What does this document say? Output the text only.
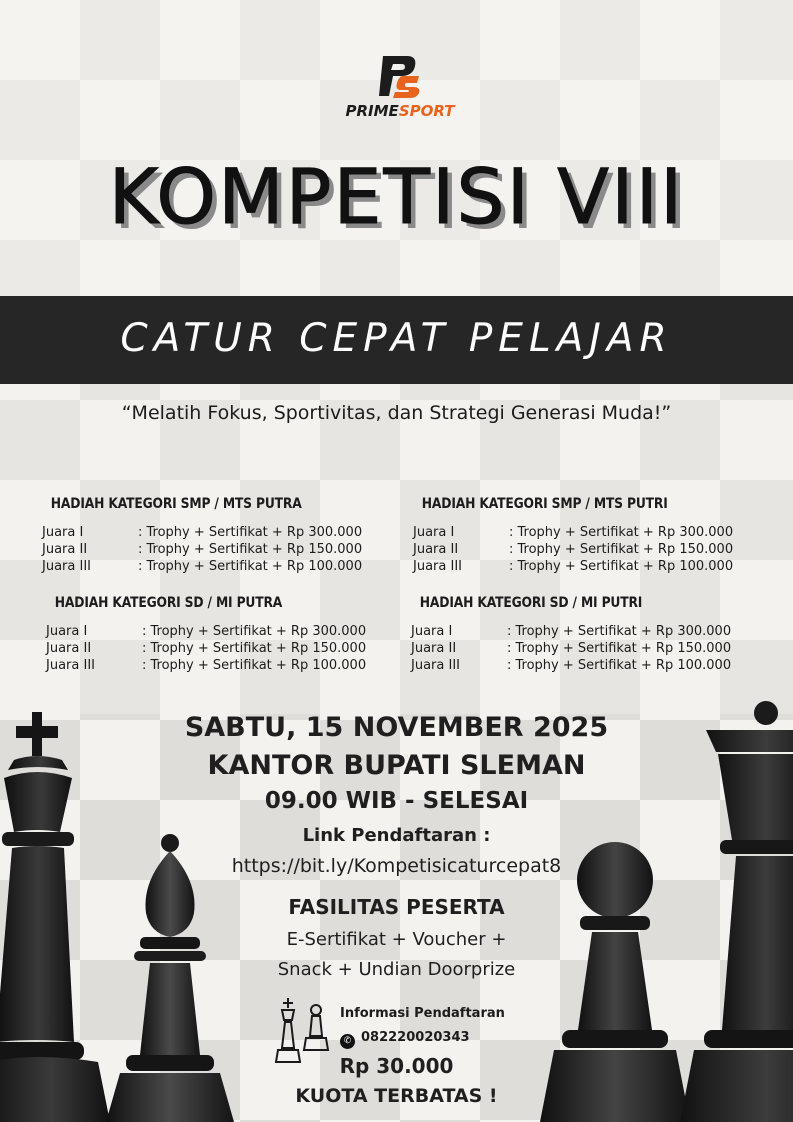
PRIMESPORT
KOMPETISI VIII
CATUR CEPAT PELAJAR
“Melatih Fokus, Sportivitas, dan Strategi Generasi Muda!”
HADIAH KATEGORI SMP / MTS PUTRA
Juara I	: Trophy + Sertifikat + Rp 300.000
Juara II	: Trophy + Sertifikat + Rp 150.000
Juara III	: Trophy + Sertifikat + Rp 100.000
HADIAH KATEGORI SMP / MTS PUTRI
Juara I	: Trophy + Sertifikat + Rp 300.000
Juara II	: Trophy + Sertifikat + Rp 150.000
Juara III	: Trophy + Sertifikat + Rp 100.000
HADIAH KATEGORI SD / MI PUTRA
Juara I	: Trophy + Sertifikat + Rp 300.000
Juara II	: Trophy + Sertifikat + Rp 150.000
Juara III	: Trophy + Sertifikat + Rp 100.000
HADIAH KATEGORI SD / MI PUTRI
Juara I	: Trophy + Sertifikat + Rp 300.000
Juara II	: Trophy + Sertifikat + Rp 150.000
Juara III	: Trophy + Sertifikat + Rp 100.000
SABTU, 15 NOVEMBER 2025
KANTOR BUPATI SLEMAN
09.00 WIB - SELESAI
Link Pendaftaran :
https://bit.ly/Kompetisicaturcepat8
FASILITAS PESERTA
E-Sertifikat + Voucher +
Snack + Undian Doorprize
Informasi Pendaftaran
✆ 082220020343
Rp 30.000
KUOTA TERBATAS !
